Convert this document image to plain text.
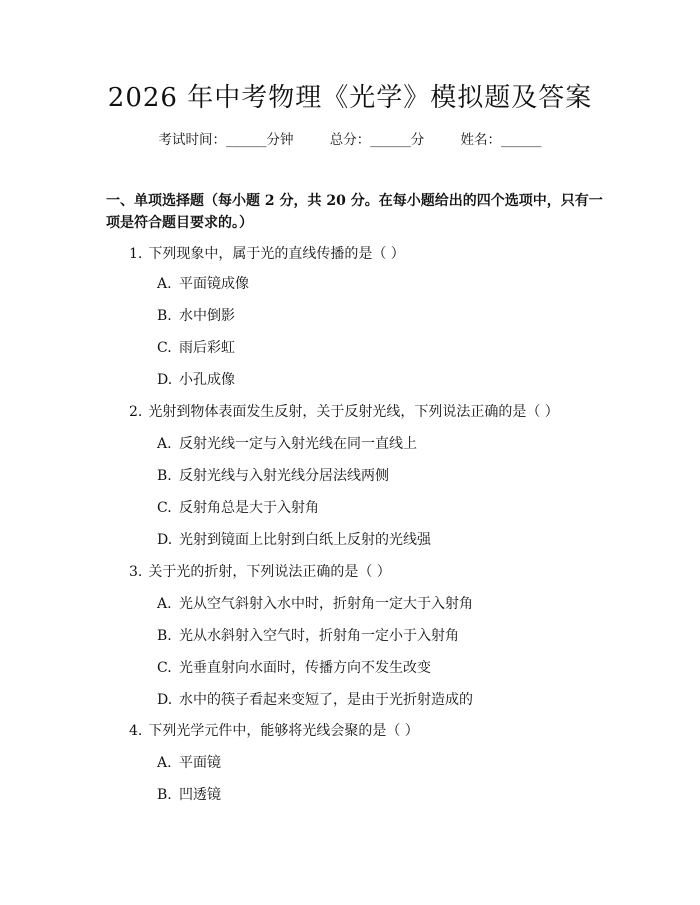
2026 年中考物理《光学》模拟题及答案
考试时间：______分钟	总分：______分	姓名：______
一、单项选择题（每小题 2 分，共 20 分。在每小题给出的四个选项中，只有一项是符合题目要求的。）
1. 下列现象中，属于光的直线传播的是（ ）
A. 平面镜成像
B. 水中倒影
C. 雨后彩虹
D. 小孔成像
2. 光射到物体表面发生反射，关于反射光线，下列说法正确的是（ ）
A. 反射光线一定与入射光线在同一直线上
B. 反射光线与入射光线分居法线两侧
C. 反射角总是大于入射角
D. 光射到镜面上比射到白纸上反射的光线强
3. 关于光的折射，下列说法正确的是（ ）
A. 光从空气斜射入水中时，折射角一定大于入射角
B. 光从水斜射入空气时，折射角一定小于入射角
C. 光垂直射向水面时，传播方向不发生改变
D. 水中的筷子看起来变短了，是由于光折射造成的
4. 下列光学元件中，能够将光线会聚的是（ ）
A. 平面镜
B. 凹透镜
